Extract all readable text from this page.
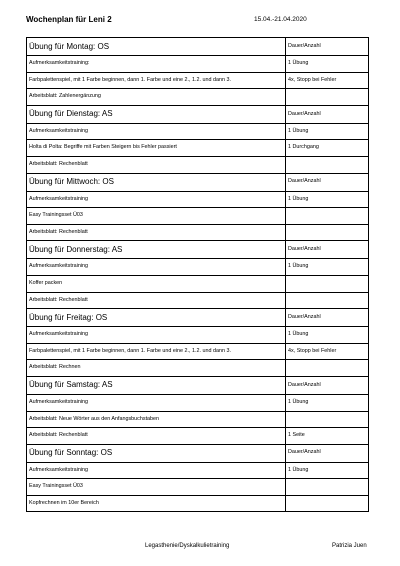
Wochenplan für Leni 2	15.04.-21.04.2020
Übung für Montag: OS	Dauer/Anzahl
Aufmerksamkeitstraining:	1 Übung
Farbpalettenspiel, mit 1 Farbe beginnen, dann 1. Farbe und eine 2., 1.2. und dann 3.	4x, Stopp bei Fehler
Arbeitsblatt: Zahlenergänzung	
Übung für Dienstag: AS	Dauer/Anzahl
Aufmerksamkeitstraining	1 Übung
Holta di Polta: Begriffe mit Farben Steigern bis Fehler passiert	1 Durchgang
Arbeitsblatt: Rechenblatt	
Übung für Mittwoch: OS	Dauer/Anzahl
Aufmerksamkeitstraining	1 Übung
Easy Trainingsset Ü03	
Arbeitsblatt: Rechenblatt	
Übung für Donnerstag: AS	Dauer/Anzahl
Aufmerksamkeitstraining	1 Übung
Koffer packen	
Arbeitsblatt: Rechenblatt	
Übung für Freitag: OS	Dauer/Anzahl
Aufmerksamkeitstraining	1 Übung
Farbpalettenspiel, mit 1 Farbe beginnen, dann 1. Farbe und eine 2., 1.2. und dann 3.	4x, Stopp bei Fehler
Arbeitsblatt: Rechnen	
Übung für Samstag: AS	Dauer/Anzahl
Aufmerksamkeitstraining	1 Übung
Arbeitsblatt: Neue Wörter aus den Anfangsbuchstaben	
Arbeitsblatt: Rechenblatt	1 Seite
Übung für Sonntag: OS	Dauer/Anzahl
Aufmerksamkeitstraining	1 Übung
Easy Trainingsset Ü03	
Kopfrechnen im 10er Bereich	
Legasthenie/Dyskalkulietraining	Patrizia Juen
